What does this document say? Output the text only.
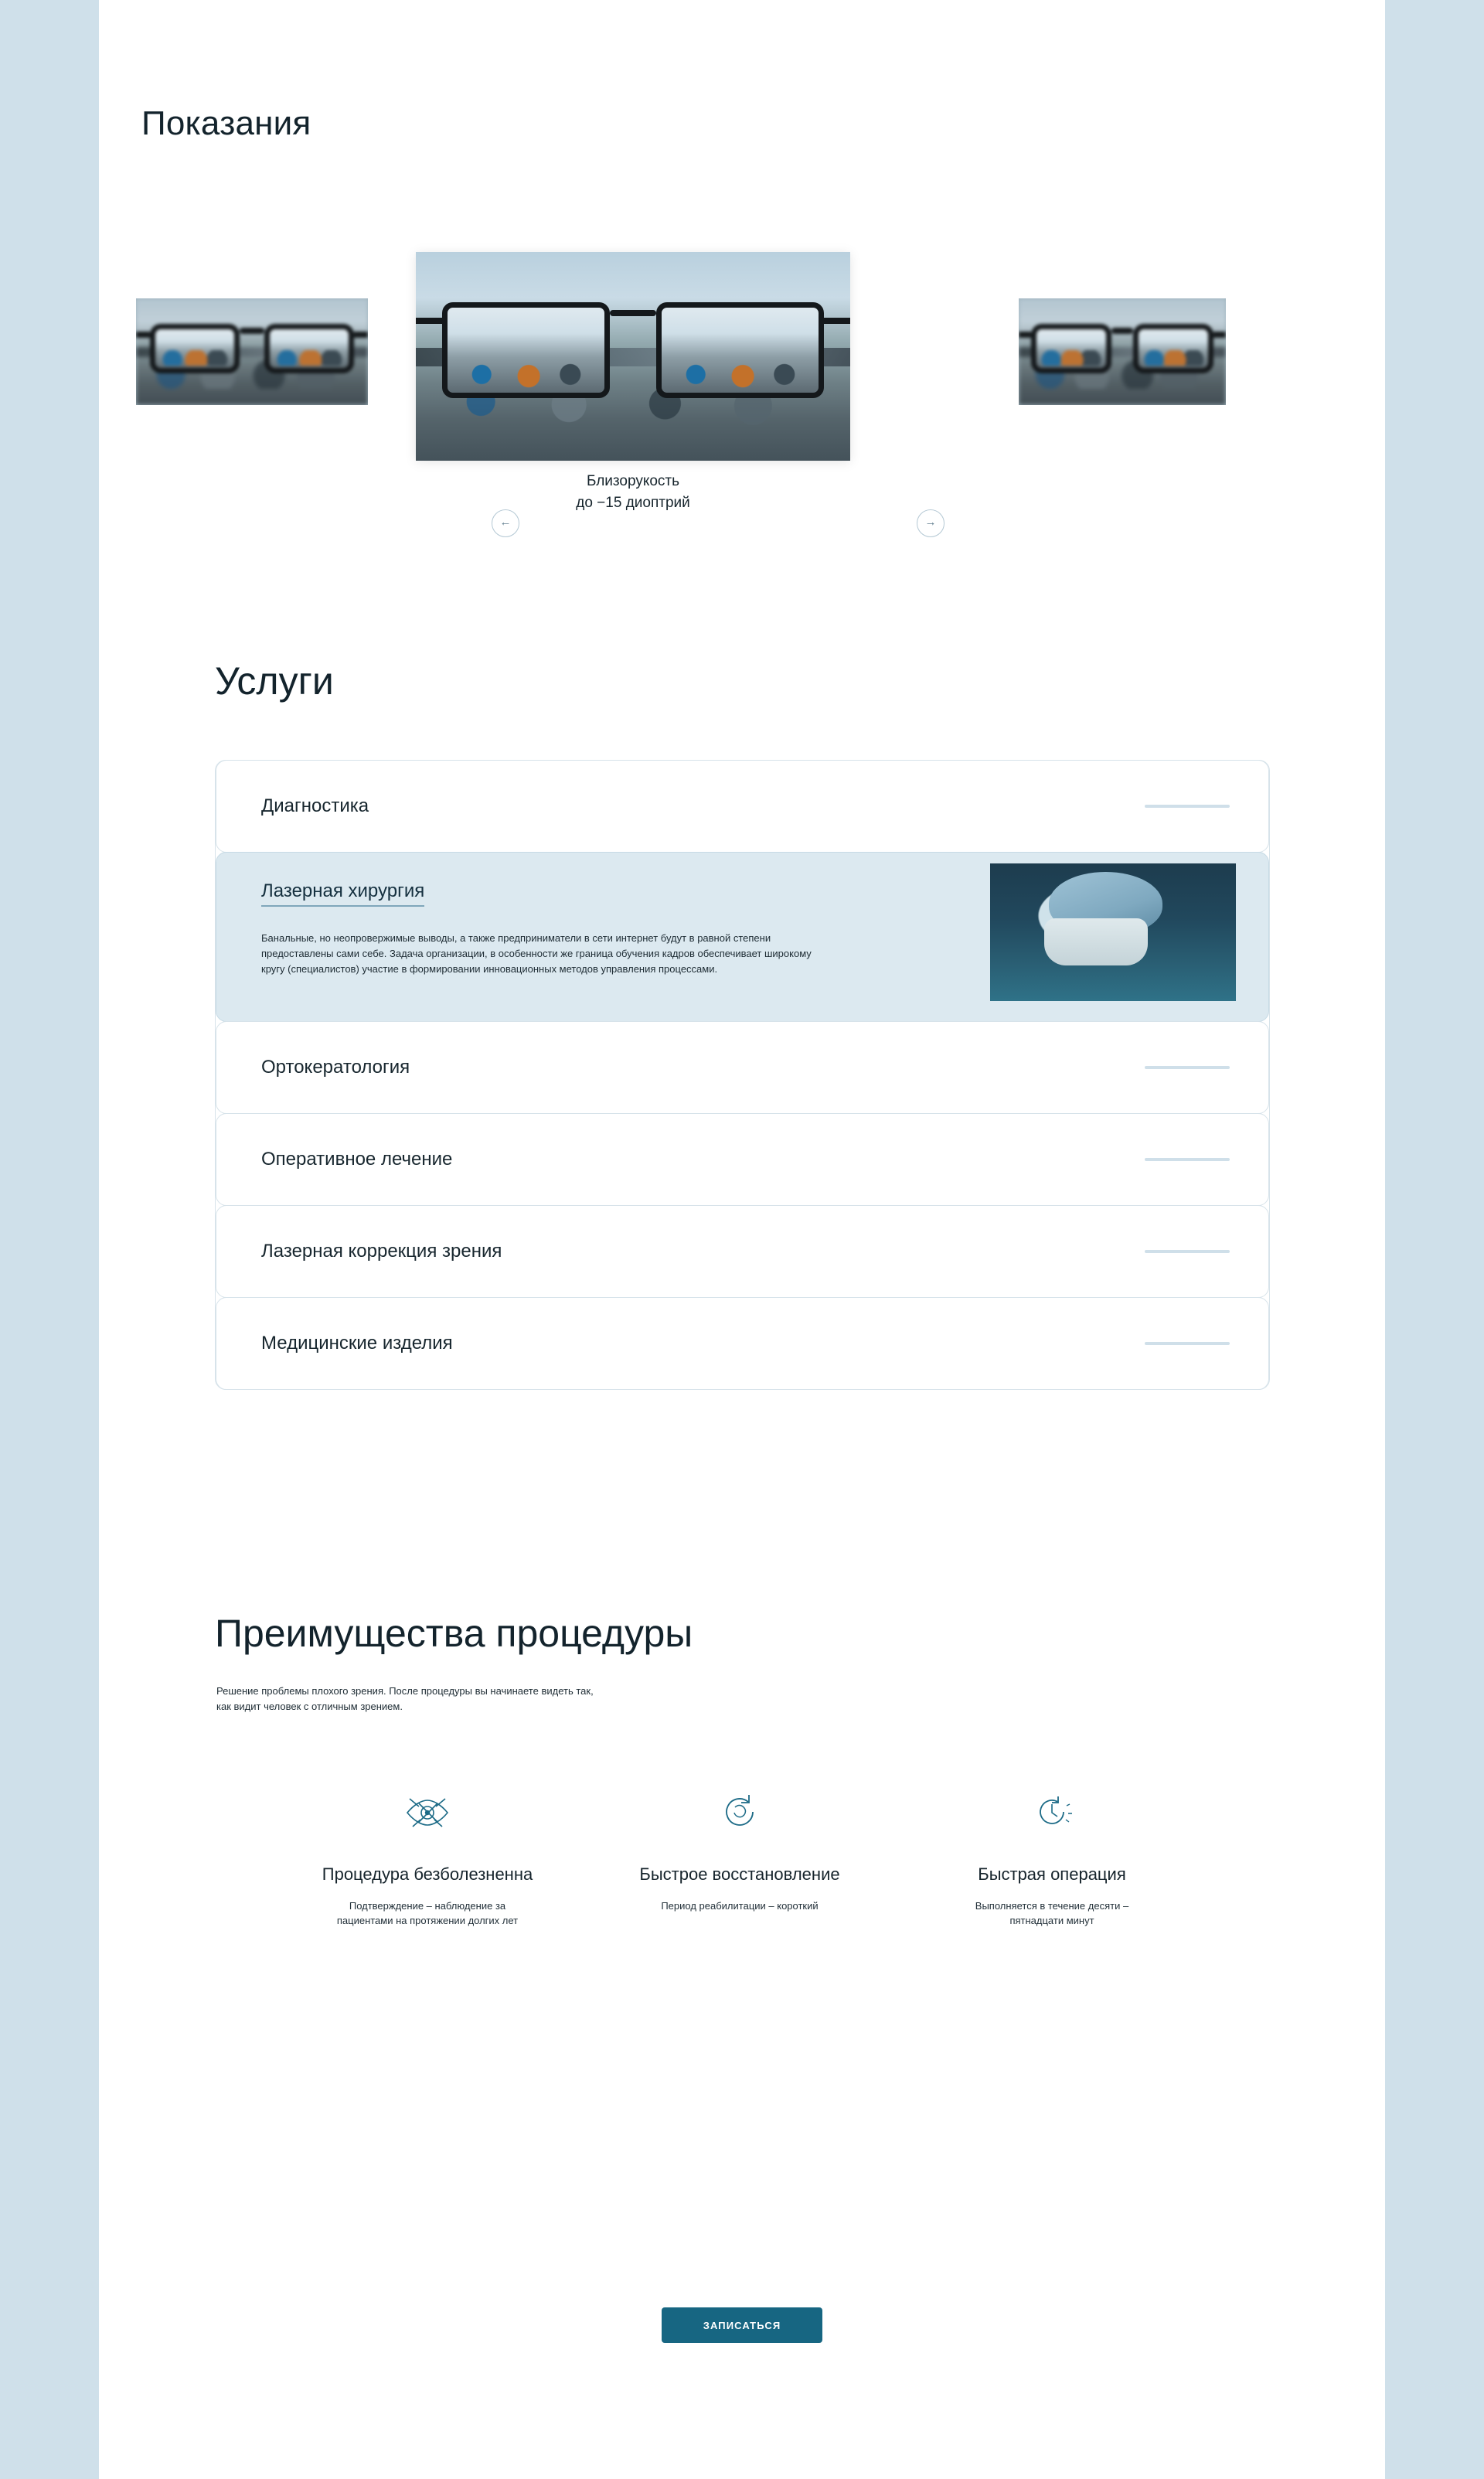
Показания
←	→
Близорукость
до −15 диоптрий
Услуги
Диагностика
Лазерная хирургия

Банальные, но неопровержимые выводы, а также предприниматели в сети интернет будут в равной степени предоставлены сами себе. Задача организации, в особенности же граница обучения кадров обеспечивает широкому кругу (специалистов) участие в формировании инновационных методов управления процессами.

Ортокератология
Оперативное лечение
Лазерная коррекция зрения
Медицинские изделия
Преимущества процедуры
Решение проблемы плохого зрения. После процедуры вы начинаете видеть так,
как видит человек с отличным зрением.
Процедура безболезненна
Подтверждение – наблюдение за
пациентами на протяжении долгих лет
Быстрое восстановление
Период реабилитации – короткий
Быстрая операция
Выполняется в течение десяти –
пятнадцати минут
ЗАПИСАТЬСЯ
